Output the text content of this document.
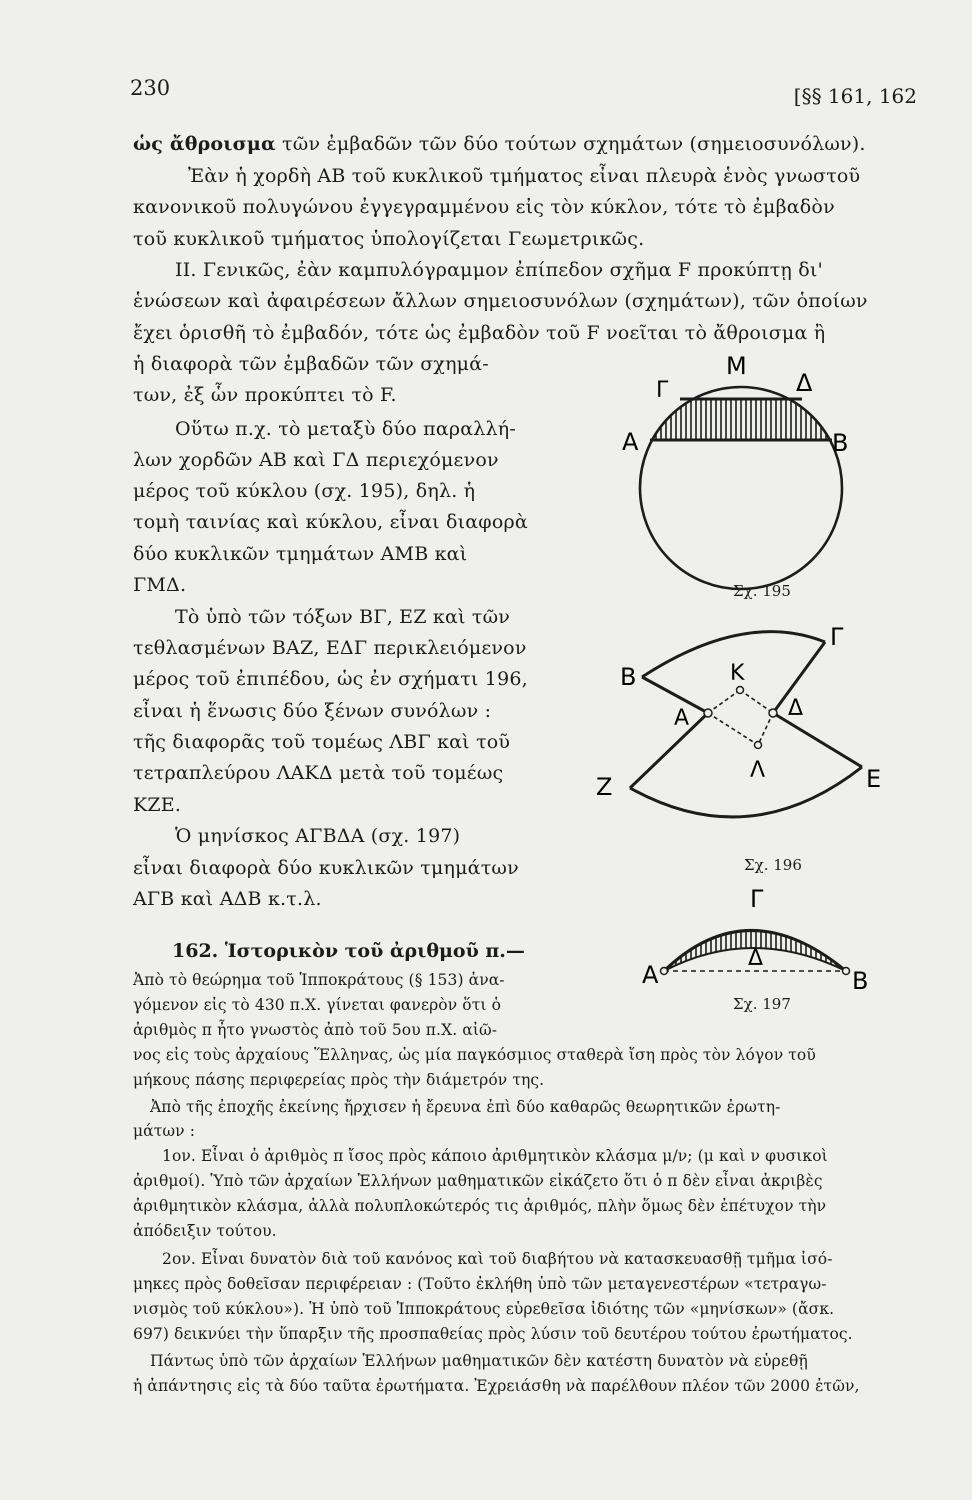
230	[§§ 161, 162
ὡς ἄθροισμα τῶν ἐμβαδῶν τῶν δύο τούτων σχημάτων (σημειοσυνόλων).
Ἐὰν ἡ χορδὴ ΑΒ τοῦ κυκλικοῦ τμήματος εἶναι πλευρὰ ἑνὸς γνωστοῦ
κανονικοῦ πολυγώνου ἐγγεγραμμένου εἰς τὸν κύκλον, τότε τὸ ἐμβαδὸν
τοῦ κυκλικοῦ τμήματος ὑπολογίζεται Γεωμετρικῶς.
II. Γενικῶς, ἐὰν καμπυλόγραμμον ἐπίπεδον σχῆμα F προκύπτῃ δι'
ἑνώσεων καὶ ἀφαιρέσεων ἄλλων σημειοσυνόλων (σχημάτων), τῶν ὁποίων
ἔχει ὁρισθῆ τὸ ἐμβαδόν, τότε ὡς ἐμβαδὸν τοῦ F νοεῖται τὸ ἄθροισμα ἢ
ἡ διαφορὰ τῶν ἐμβαδῶν τῶν σχημά-
των, ἐξ ὧν προκύπτει τὸ F.
Οὕτω π.χ. τὸ μεταξὺ δύο παραλλή-
λων χορδῶν ΑΒ καὶ ΓΔ περιεχόμενον
μέρος τοῦ κύκλου (σχ. 195), δηλ. ἡ
τομὴ ταινίας καὶ κύκλου, εἶναι διαφορὰ
δύο κυκλικῶν τμημάτων ΑΜΒ καὶ
ΓΜΔ.
Τὸ ὑπὸ τῶν τόξων ΒΓ, ΕΖ καὶ τῶν
τεθλασμένων ΒΑΖ, ΕΔΓ περικλειόμενον
μέρος τοῦ ἐπιπέδου, ὡς ἐν σχήματι 196,
εἶναι ἡ ἕνωσις δύο ξένων συνόλων :
τῆς διαφορᾶς τοῦ τομέως ΛΒΓ καὶ τοῦ
τετραπλεύρου ΛΑΚΔ μετὰ τοῦ τομέως
ΚΖΕ.
Ὁ μηνίσκος ΑΓΒΔΑ (σχ. 197)
εἶναι διαφορὰ δύο κυκλικῶν τμημάτων
ΑΓΒ καὶ ΑΔΒ κ.τ.λ.
162. Ἱστορικὸν τοῦ ἀριθμοῦ π.—
Ἀπὸ τὸ θεώρημα τοῦ Ἱπποκράτους (§ 153) ἀνα-
γόμενον εἰς τὸ 430 π.Χ. γίνεται φανερὸν ὅτι ὁ
ἀριθμὸς π ἦτο γνωστὸς ἀπὸ τοῦ 5ου π.Χ. αἰῶ-
νος εἰς τοὺς ἀρχαίους Ἕλληνας, ὡς μία παγκόσμιος σταθερὰ ἴση πρὸς τὸν λόγον τοῦ
μήκους πάσης περιφερείας πρὸς τὴν διάμετρόν της.
Ἀπὸ τῆς ἐποχῆς ἐκείνης ἤρχισεν ἡ ἔρευνα ἐπὶ δύο καθαρῶς θεωρητικῶν ἐρωτη-
μάτων :
1ον. Εἶναι ὁ ἀριθμὸς π ἴσος πρὸς κάποιο ἀριθμητικὸν κλάσμα μ/ν; (μ καὶ ν φυσικοὶ
ἀριθμοί). Ὑπὸ τῶν ἀρχαίων Ἑλλήνων μαθηματικῶν εἰκάζετο ὅτι ὁ π δὲν εἶναι ἀκριβὲς
ἀριθμητικὸν κλάσμα, ἀλλὰ πολυπλοκώτερός τις ἀριθμός, πλὴν ὅμως δὲν ἐπέτυχον τὴν
ἀπόδειξιν τούτου.
2ον. Εἶναι δυνατὸν διὰ τοῦ κανόνος καὶ τοῦ διαβήτου νὰ κατασκευασθῇ τμῆμα ἰσό-
μηκες πρὸς δοθεῖσαν περιφέρειαν : (Τοῦτο ἐκλήθη ὑπὸ τῶν μεταγενεστέρων «τετραγω-
νισμὸς τοῦ κύκλου»). Ἡ ὑπὸ τοῦ Ἱπποκράτους εὑρεθεῖσα ἰδιότης τῶν «μηνίσκων» (ἄσκ.
697) δεικνύει τὴν ὕπαρξιν τῆς προσπαθείας πρὸς λύσιν τοῦ δευτέρου τούτου ἐρωτήματος.
Πάντως ὑπὸ τῶν ἀρχαίων Ἑλλήνων μαθηματικῶν δὲν κατέστη δυνατὸν νὰ εὑρεθῇ
ἡ ἀπάντησις εἰς τὰ δύο ταῦτα ἐρωτήματα. Ἐχρειάσθη νὰ παρέλθουν πλέον τῶν 2000 ἐτῶν,
Μ
Γ	Δ
Α	Β
Σχ. 195
Γ
Β	Κ
Α	Δ
Λ
Ζ	Ε
Σχ. 196
Γ
Δ
Α	Β
Σχ. 197
